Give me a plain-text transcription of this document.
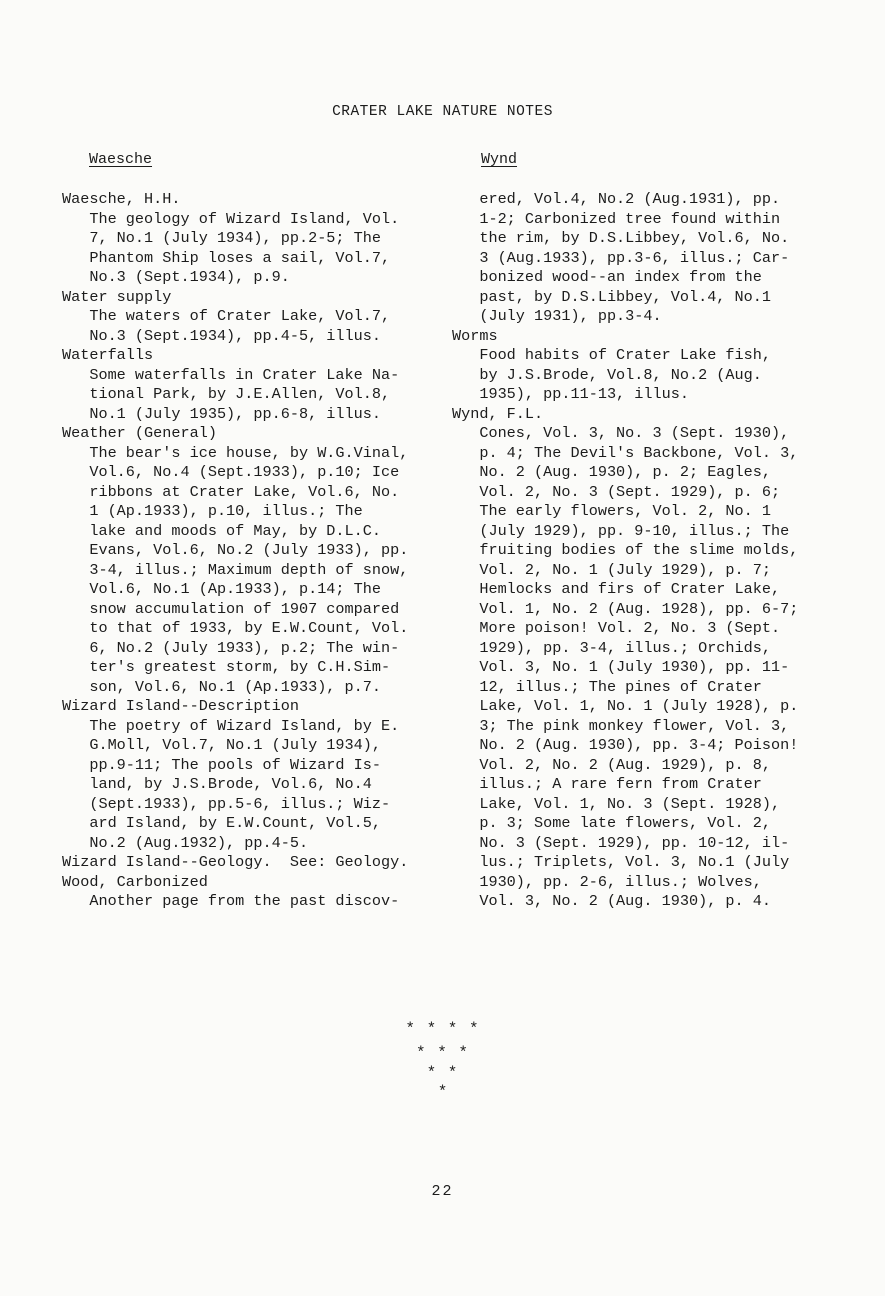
CRATER LAKE NATURE NOTES
Waesche	Wynd
Waesche, H.H.
The geology of Wizard Island, Vol.
7, No.1 (July 1934), pp.2-5; The
Phantom Ship loses a sail, Vol.7,
No.3 (Sept.1934), p.9.
Water supply
The waters of Crater Lake, Vol.7,
No.3 (Sept.1934), pp.4-5, illus.
Waterfalls
Some waterfalls in Crater Lake Na-
tional Park, by J.E.Allen, Vol.8,
No.1 (July 1935), pp.6-8, illus.
Weather (General)
The bear's ice house, by W.G.Vinal,
Vol.6, No.4 (Sept.1933), p.10; Ice
ribbons at Crater Lake, Vol.6, No.
1 (Ap.1933), p.10, illus.; The
lake and moods of May, by D.L.C.
Evans, Vol.6, No.2 (July 1933), pp.
3-4, illus.; Maximum depth of snow,
Vol.6, No.1 (Ap.1933), p.14; The
snow accumulation of 1907 compared
to that of 1933, by E.W.Count, Vol.
6, No.2 (July 1933), p.2; The win-
ter's greatest storm, by C.H.Sim-
son, Vol.6, No.1 (Ap.1933), p.7.
Wizard Island--Description
The poetry of Wizard Island, by E.
G.Moll, Vol.7, No.1 (July 1934),
pp.9-11; The pools of Wizard Is-
land, by J.S.Brode, Vol.6, No.4
(Sept.1933), pp.5-6, illus.; Wiz-
ard Island, by E.W.Count, Vol.5,
No.2 (Aug.1932), pp.4-5.
Wizard Island--Geology.  See: Geology.
Wood, Carbonized
Another page from the past discov-
ered, Vol.4, No.2 (Aug.1931), pp.
1-2; Carbonized tree found within
the rim, by D.S.Libbey, Vol.6, No.
3 (Aug.1933), pp.3-6, illus.; Car-
bonized wood--an index from the
past, by D.S.Libbey, Vol.4, No.1
(July 1931), pp.3-4.
Worms
Food habits of Crater Lake fish,
by J.S.Brode, Vol.8, No.2 (Aug.
1935), pp.11-13, illus.
Wynd, F.L.
Cones, Vol. 3, No. 3 (Sept. 1930),
p. 4; The Devil's Backbone, Vol. 3,
No. 2 (Aug. 1930), p. 2; Eagles,
Vol. 2, No. 3 (Sept. 1929), p. 6;
The early flowers, Vol. 2, No. 1
(July 1929), pp. 9-10, illus.; The
fruiting bodies of the slime molds,
Vol. 2, No. 1 (July 1929), p. 7;
Hemlocks and firs of Crater Lake,
Vol. 1, No. 2 (Aug. 1928), pp. 6-7;
More poison! Vol. 2, No. 3 (Sept.
1929), pp. 3-4, illus.; Orchids,
Vol. 3, No. 1 (July 1930), pp. 11-
12, illus.; The pines of Crater
Lake, Vol. 1, No. 1 (July 1928), p.
3; The pink monkey flower, Vol. 3,
No. 2 (Aug. 1930), pp. 3-4; Poison!
Vol. 2, No. 2 (Aug. 1929), p. 8,
illus.; A rare fern from Crater
Lake, Vol. 1, No. 3 (Sept. 1928),
p. 3; Some late flowers, Vol. 2,
No. 3 (Sept. 1929), pp. 10-12, il-
lus.; Triplets, Vol. 3, No.1 (July
1930), pp. 2-6, illus.; Wolves,
Vol. 3, No. 2 (Aug. 1930), p. 4.
* * * *
* * *
* *
*
22
